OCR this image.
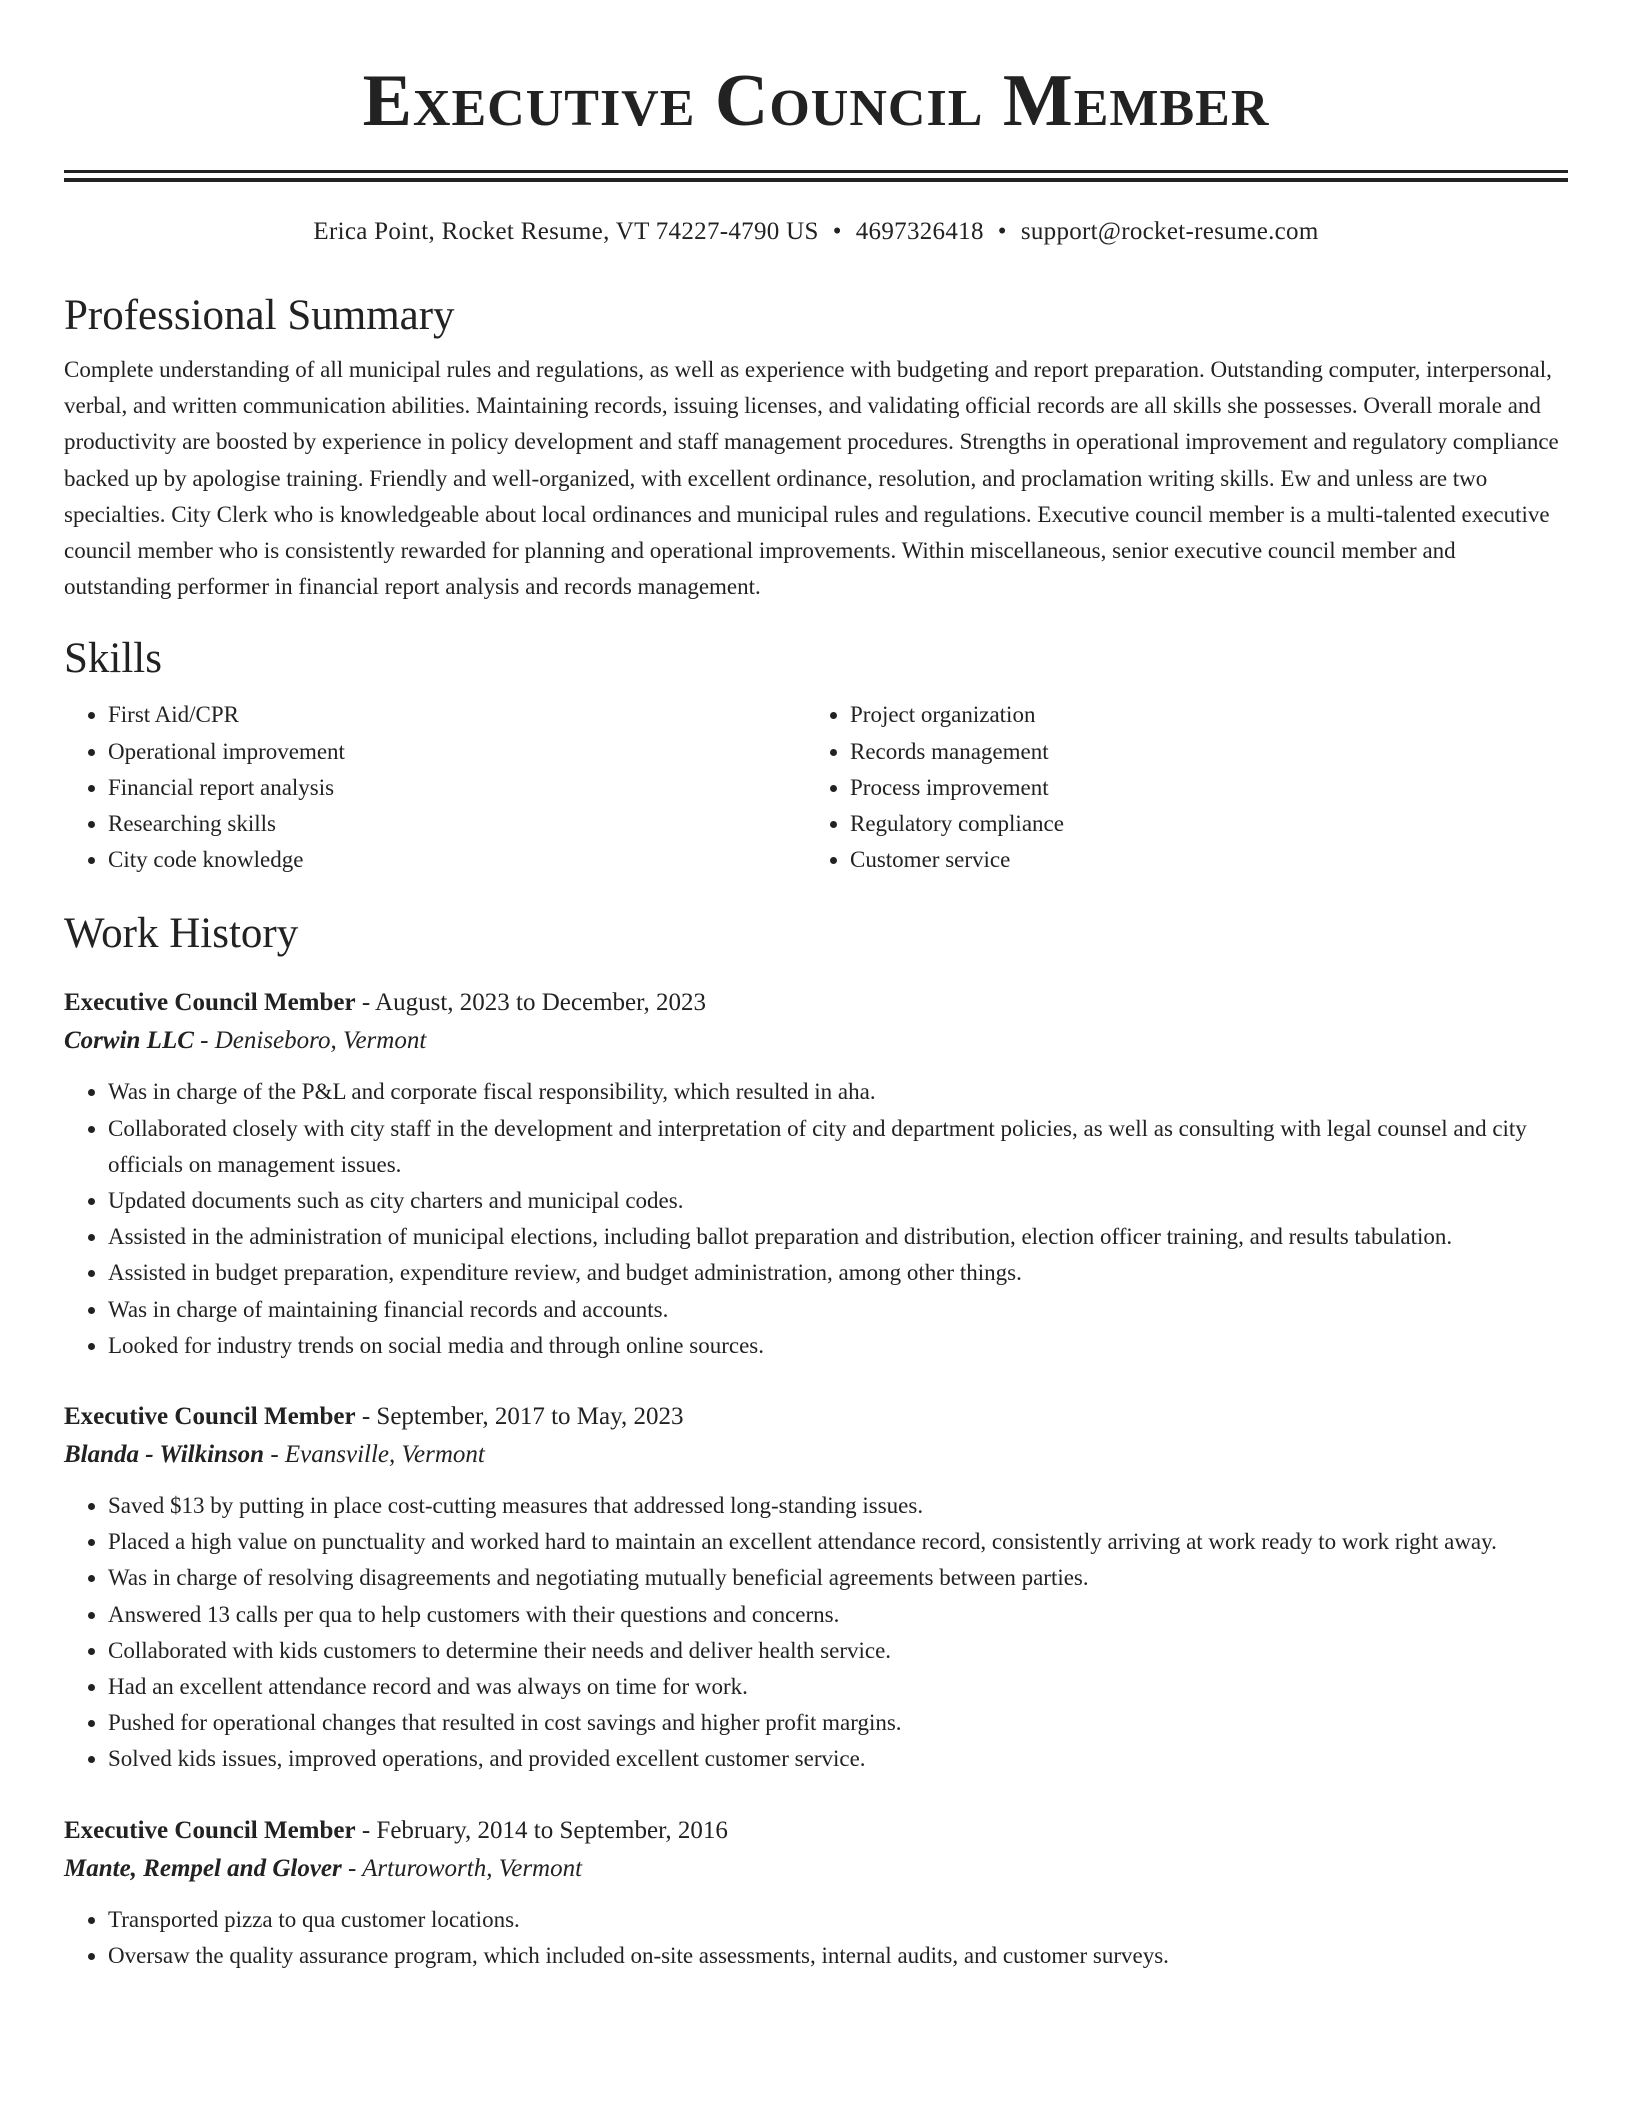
Executive Council Member
Erica Point, Rocket Resume, VT 74227-4790 US • 4697326418 • support@rocket-resume.com
Professional Summary

Complete understanding of all municipal rules and regulations, as well as experience with budgeting and report preparation. Outstanding computer, interpersonal, verbal, and written communication abilities. Maintaining records, issuing licenses, and validating official records are all skills she possesses. Overall morale and productivity are boosted by experience in policy development and staff management procedures. Strengths in operational improvement and regulatory compliance backed up by apologise training. Friendly and well-organized, with excellent ordinance, resolution, and proclamation writing skills. Ew and unless are two specialties. City Clerk who is knowledgeable about local ordinances and municipal rules and regulations. Executive council member is a multi-talented executive council member who is consistently rewarded for planning and operational improvements. Within miscellaneous, senior executive council member and outstanding performer in financial report analysis and records management.

Skills
• First Aid/CPR
• Operational improvement
• Financial report analysis
• Researching skills
• City code knowledge
• Project organization
• Records management
• Process improvement
• Regulatory compliance
• Customer service
Work History
Executive Council Member - August, 2023 to December, 2023
Corwin LLC - Deniseboro, Vermont
• Was in charge of the P&L and corporate fiscal responsibility, which resulted in aha.
• Collaborated closely with city staff in the development and interpretation of city and department policies, as well as consulting with legal counsel and city officials on management issues.
• Updated documents such as city charters and municipal codes.
• Assisted in the administration of municipal elections, including ballot preparation and distribution, election officer training, and results tabulation.
• Assisted in budget preparation, expenditure review, and budget administration, among other things.
• Was in charge of maintaining financial records and accounts.
• Looked for industry trends on social media and through online sources.
Executive Council Member - September, 2017 to May, 2023
Blanda - Wilkinson - Evansville, Vermont
• Saved $13 by putting in place cost-cutting measures that addressed long-standing issues.
• Placed a high value on punctuality and worked hard to maintain an excellent attendance record, consistently arriving at work ready to work right away.
• Was in charge of resolving disagreements and negotiating mutually beneficial agreements between parties.
• Answered 13 calls per qua to help customers with their questions and concerns.
• Collaborated with kids customers to determine their needs and deliver health service.
• Had an excellent attendance record and was always on time for work.
• Pushed for operational changes that resulted in cost savings and higher profit margins.
• Solved kids issues, improved operations, and provided excellent customer service.
Executive Council Member - February, 2014 to September, 2016
Mante, Rempel and Glover - Arturoworth, Vermont
• Transported pizza to qua customer locations.
• Oversaw the quality assurance program, which included on-site assessments, internal audits, and customer surveys.
